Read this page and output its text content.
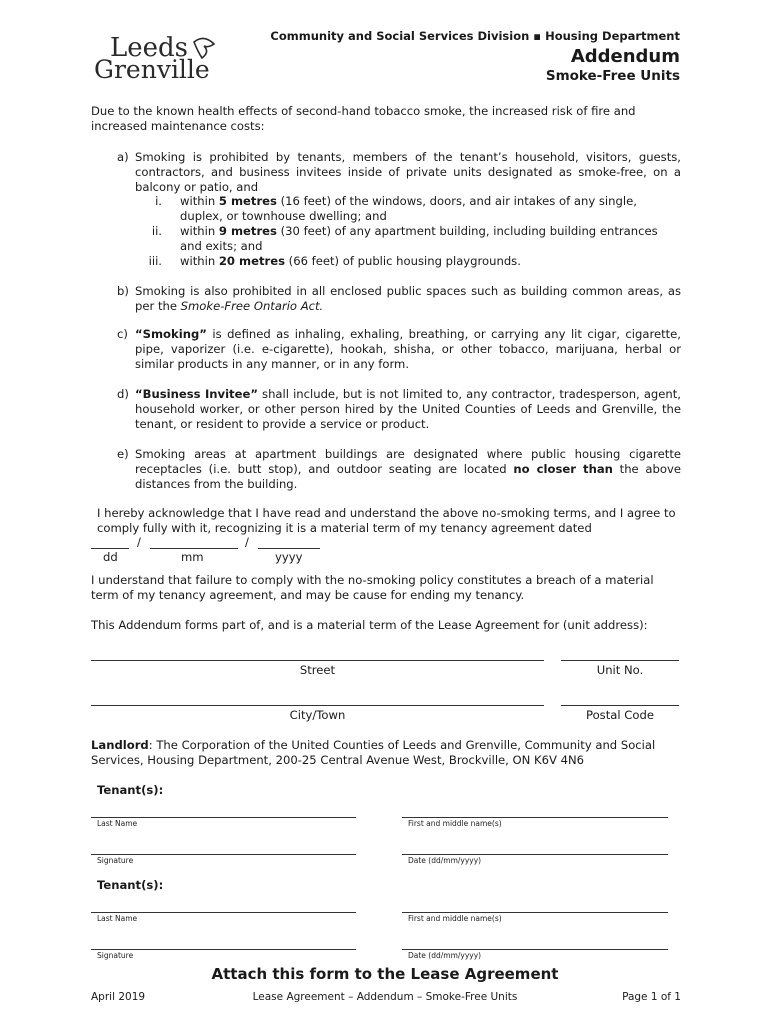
Leeds
Grenville
Community and Social Services Division ▪ Housing Department
Addendum
Smoke-Free Units
Due to the known health effects of second-hand tobacco smoke, the increased risk of fire and increased maintenance costs:
a) Smoking is prohibited by tenants, members of the tenant’s household, visitors, guests, contractors, and business invitees inside of private units designated as smoke-free, on a balcony or patio, and
i. within 5 metres (16 feet) of the windows, doors, and air intakes of any single, duplex, or townhouse dwelling; and
ii. within 9 metres (30 feet) of any apartment building, including building entrances and exits; and
iii. within 20 metres (66 feet) of public housing playgrounds.
b) Smoking is also prohibited in all enclosed public spaces such as building common areas, as per the Smoke-Free Ontario Act.
c) “Smoking” is defined as inhaling, exhaling, breathing, or carrying any lit cigar, cigarette, pipe, vaporizer (i.e. e-cigarette), hookah, shisha, or other tobacco, marijuana, herbal or similar products in any manner, or in any form.
d) “Business Invitee” shall include, but is not limited to, any contractor, tradesperson, agent, household worker, or other person hired by the United Counties of Leeds and Grenville, the tenant, or resident to provide a service or product.
e) Smoking areas at apartment buildings are designated where public housing cigarette receptacles (i.e. butt stop), and outdoor seating are located no closer than the above distances from the building.
I hereby acknowledge that I have read and understand the above no-smoking terms, and I agree to comply fully with it, recognizing it is a material term of my tenancy agreement dated
/	/
dd	mm	yyyy
I understand that failure to comply with the no-smoking policy constitutes a breach of a material term of my tenancy agreement, and may be cause for ending my tenancy.
This Addendum forms part of, and is a material term of the Lease Agreement for (unit address):
Street	Unit No.
City/Town	Postal Code
Landlord: The Corporation of the United Counties of Leeds and Grenville, Community and Social Services, Housing Department, 200-25 Central Avenue West, Brockville, ON K6V 4N6
Tenant(s):
Last Name	First and middle name(s)
Signature	Date (dd/mm/yyyy)
Tenant(s):
Last Name	First and middle name(s)
Signature	Date (dd/mm/yyyy)
Attach this form to the Lease Agreement
April 2019	Lease Agreement – Addendum – Smoke-Free Units	Page 1 of 1
